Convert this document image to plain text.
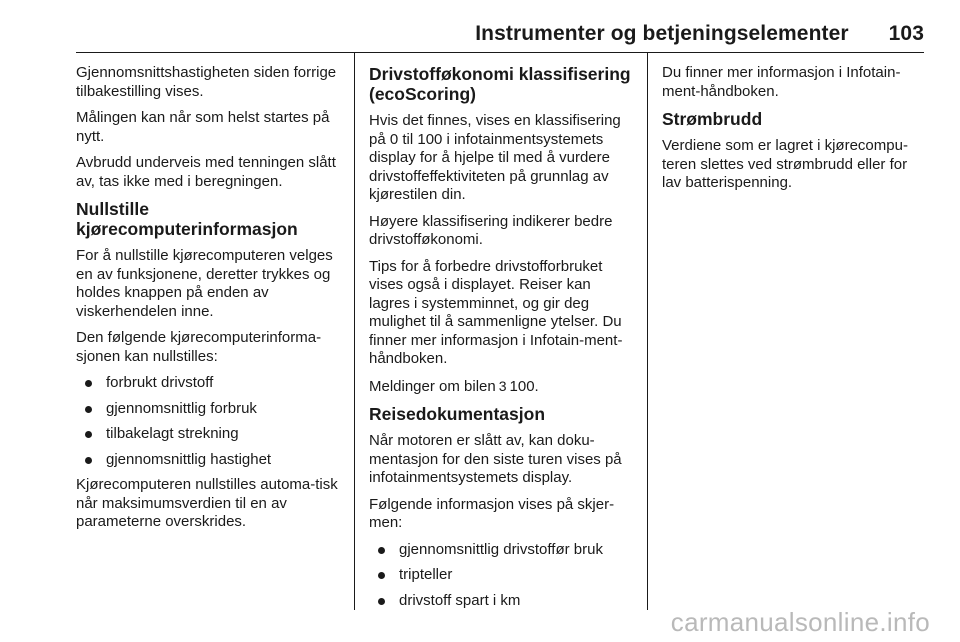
Instrumenter og betjeningselementer 103

Gjennomsnittshastigheten siden forrige tilbakestilling vises.

Målingen kan når som helst startes på nytt.

Avbrudd underveis med tenningen slått av, tas ikke med i beregningen.

Nullstille
kjørecomputerinformasjon

For å nullstille kjørecomputeren velges en av funksjonene, deretter trykkes og holdes knappen på enden av viskerhendelen inne.

Den følgende kjørecomputerinforma-sjonen kan nullstilles:

forbrukt drivstoff
gjennomsnittlig forbruk
tilbakelagt strekning
gjennomsnittlig hastighet

Kjørecomputeren nullstilles automa-tisk når maksimumsverdien til en av parameterne overskrides.

Drivstofføkonomi klassifisering (ecoScoring)

Hvis det finnes, vises en klassifisering på 0 til 100 i infotainmentsystemets display for å hjelpe til med å vurdere drivstoffeffektiviteten på grunnlag av kjørestilen din.

Høyere klassifisering indikerer bedre drivstofføkonomi.

Tips for å forbedre drivstofforbruket vises også i displayet. Reiser kan lagres i systemminnet, og gir deg mulighet til å sammenligne ytelser. Du finner mer informasjon i Infotain-ment-håndboken.

Meldinger om bilen 3 100.

Reisedokumentasjon

Når motoren er slått av, kan doku-mentasjon for den siste turen vises på infotainmentsystemets display.

Følgende informasjon vises på skjer-men:

gjennomsnittlig drivstoffør bruk
tripteller
drivstoff spart i km

Du finner mer informasjon i Infotain-ment-håndboken.

Strømbrudd

Verdiene som er lagret i kjørecompu-teren slettes ved strømbrudd eller for lav batterispenning.

carmanualsonline.info
